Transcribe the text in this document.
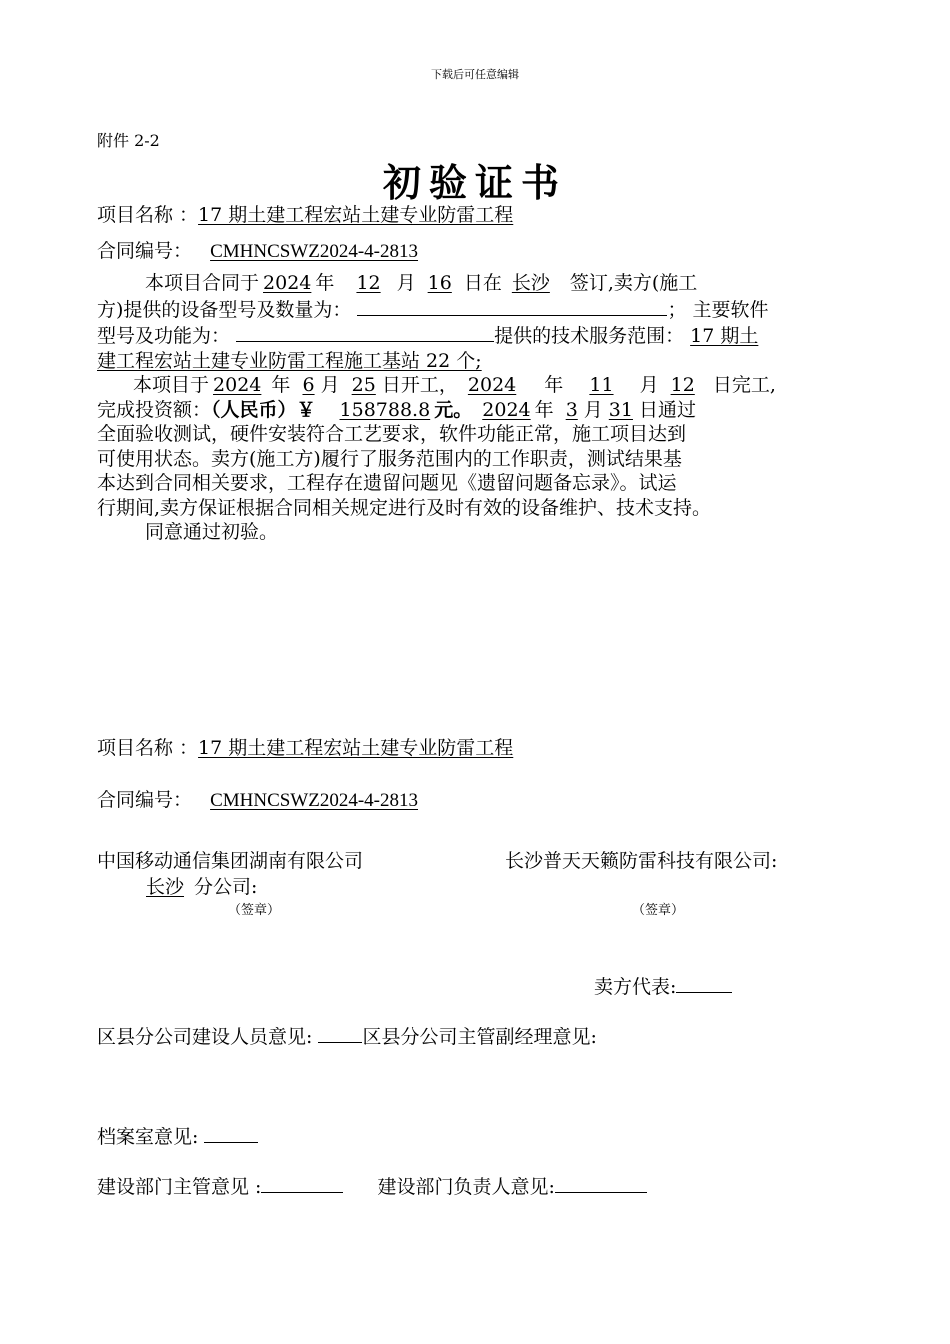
下载后可任意编辑
附件 2-2
初验证书
项目名称 ：17 期土建工程宏站土建专业防雷工程
合同编号： CMHNCSWZ2024-4-2813

本项目合同于 2024 年 12 月 16 日在 长沙 签订,卖方(施工

方)提供的设备型号及数量为：	； 主要软件

型号及功能为：	提供的技术服务范围： 17 期土

建工程宏站土建专业防雷工程施工基站 22 个;

本项目于 2024 年 6 月 25 日开工， 2024 年 11 月 12 日完工,

完成投资额：（人民币）￥ 158788.8 元。 2024 年 3 月 31 日通过

全面验收测试，硬件安装符合工艺要求，软件功能正常，施工项目达到

可使用状态。卖方(施工方)履行了服务范围内的工作职责，测试结果基

本达到合同相关要求，工程存在遗留问题见《遗留问题备忘录》。试运

行期间,卖方保证根据合同相关规定进行及时有效的设备维护、技术支持。

同意通过初验。

项目名称 ：17 期土建工程宏站土建专业防雷工程
合同编号： CMHNCSWZ2024-4-2813
中国移动通信集团湖南有限公司	长沙普天天籁防雷科技有限公司:
长沙 分公司:
（签章）	（签章）
卖方代表:
区县分公司建设人员意见:	区县分公司主管副经理意见:
档案室意见:
建设部门主管意见 :	建设部门负责人意见:
